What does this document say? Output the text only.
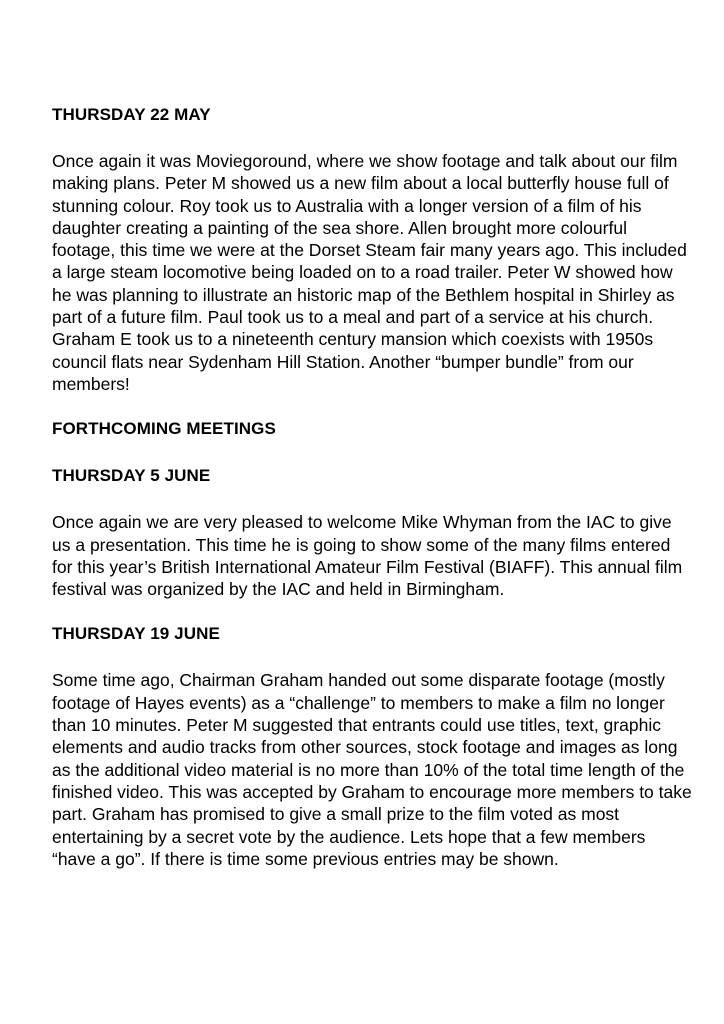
THURSDAY 22 MAY

Once again it was Moviegoround, where we show footage and talk about our film making plans. Peter M showed us a new film about a local butterfly house full of stunning colour. Roy took us to Australia with a longer version of a film of his daughter creating a painting of the sea shore. Allen brought more colourful footage, this time we were at the Dorset Steam fair many years ago. This included a large steam locomotive being loaded on to a road trailer. Peter W showed how he was planning to illustrate an historic map of the Bethlem hospital in Shirley as part of a future film. Paul took us to a meal and part of a service at his church. Graham E took us to a nineteenth century mansion which coexists with 1950s council flats near Sydenham Hill Station. Another “bumper bundle” from our members!

FORTHCOMING MEETINGS

THURSDAY 5 JUNE

Once again we are very pleased to welcome Mike Whyman from the IAC to give us a presentation. This time he is going to show some of the many films entered for this year’s British International Amateur Film Festival (BIAFF). This annual film festival was organized by the IAC and held in Birmingham.

THURSDAY 19 JUNE

Some time ago, Chairman Graham handed out some disparate footage (mostly footage of Hayes events) as a “challenge” to members to make a film no longer than 10 minutes. Peter M suggested that entrants could use titles, text, graphic elements and audio tracks from other sources, stock footage and images as long as the additional video material is no more than 10% of the total time length of the finished video. This was accepted by Graham to encourage more members to take part. Graham has promised to give a small prize to the film voted as most entertaining by a secret vote by the audience. Lets hope that a few members “have a go”. If there is time some previous entries may be shown.
